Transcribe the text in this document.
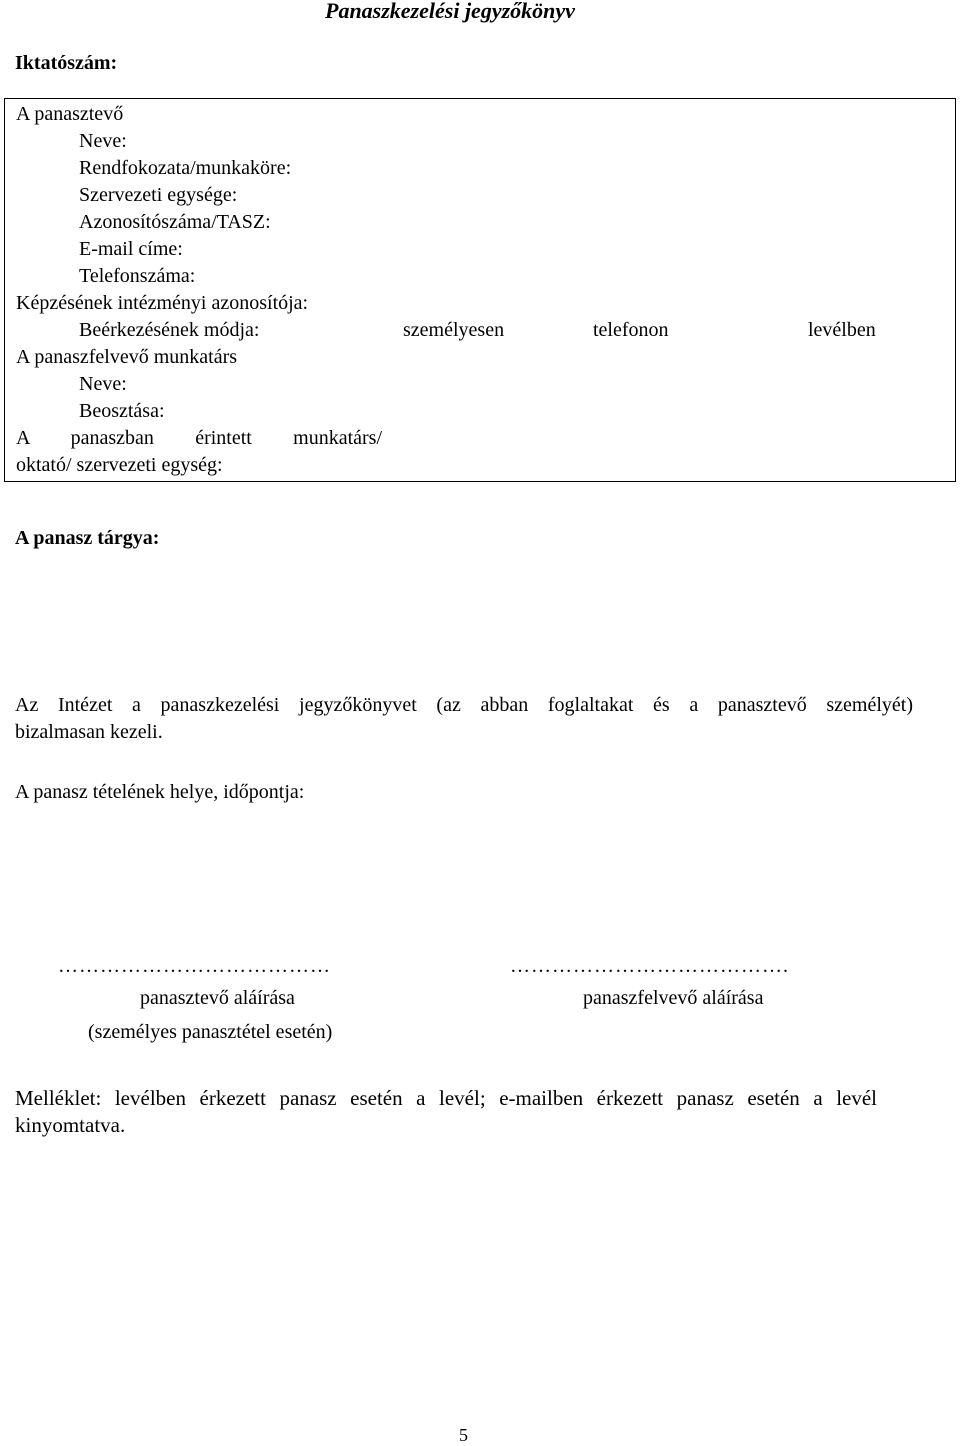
Panaszkezelési jegyzőkönyv
Iktatószám:
A panasztevő
Neve:
Rendfokozata/munkaköre:
Szervezeti egysége:
Azonosítószáma/TASZ:
E-mail címe:
Telefonszáma:
Képzésének intézményi azonosítója:
Beérkezésének módja:	személyesen	telefonon	levélben
A panaszfelvevő munkatárs
Neve:
Beosztása:
A panaszban érintett munkatárs/
oktató/ szervezeti egység:
A panasz tárgya:
Az Intézet a panaszkezelési jegyzőkönyvet (az abban foglaltakat és a panasztevő személyét)
bizalmasan kezeli.
A panasz tételének helye, időpontja:
…………………………………
panasztevő aláírása
(személyes panasztétel esetén)
………………………………….
panaszfelvevő aláírása
Melléklet: levélben érkezett panasz esetén a levél; e-mailben érkezett panasz esetén a levél
kinyomtatva.
5
